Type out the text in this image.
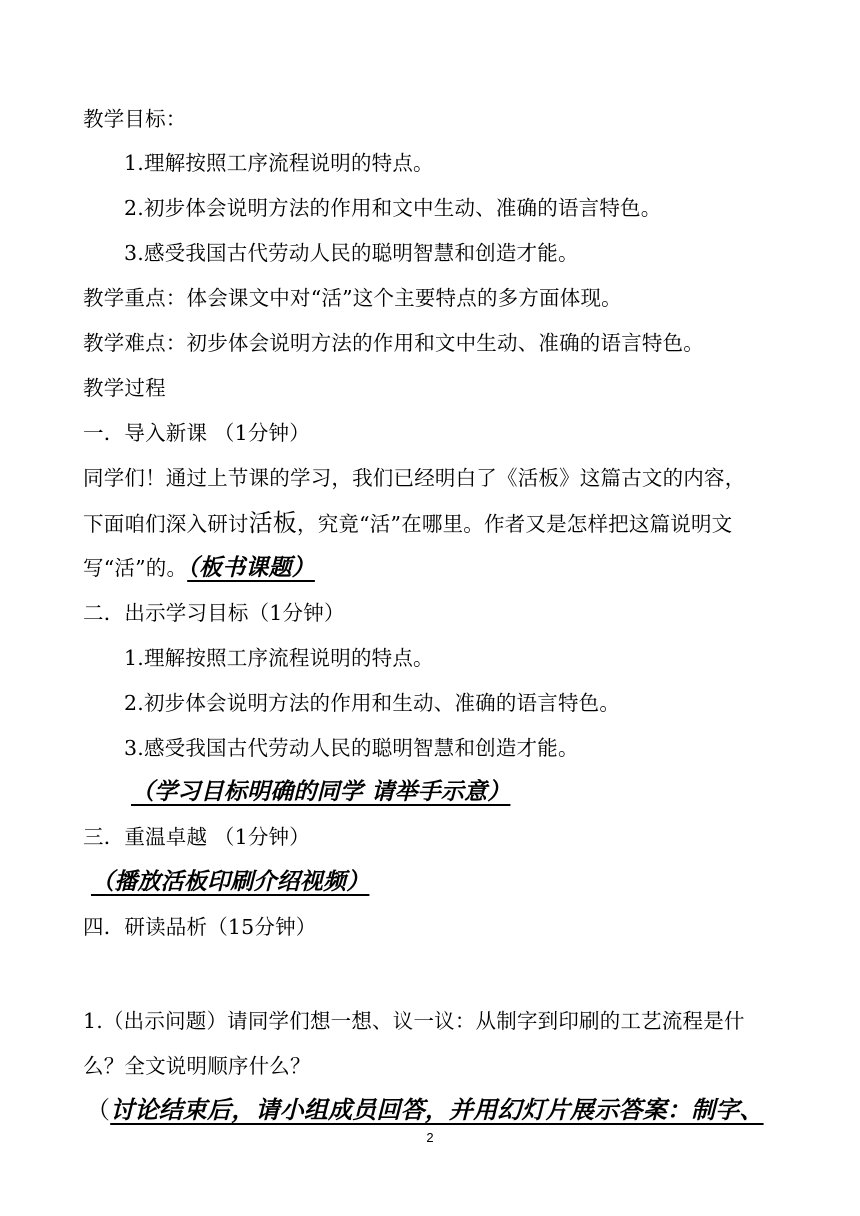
教学目标：
1.理解按照工序流程说明的特点。
2.初步体会说明方法的作用和文中生动、准确的语言特色。
3.感受我国古代劳动人民的聪明智慧和创造才能。
教学重点：体会课文中对“活”这个主要特点的多方面体现。
教学难点：初步体会说明方法的作用和文中生动、准确的语言特色。
教学过程
一．导入新课 （1分钟）
同学们！通过上节课的学习，我们已经明白了《活板》这篇古文的内容，
下面咱们深入研讨活板，究竟“活”在哪里。作者又是怎样把这篇说明文
写“活”的。（板书课题）
二．出示学习目标（1分钟）
1.理解按照工序流程说明的特点。
2.初步体会说明方法的作用和生动、准确的语言特色。
3.感受我国古代劳动人民的聪明智慧和创造才能。
（学习目标明确的同学 请举手示意）
三．重温卓越 （1分钟）
（播放活板印刷介绍视频）
四．研读品析（15分钟）
1.（出示问题）请同学们想一想、议一议：从制字到印刷的工艺流程是什
么？全文说明顺序什么？
（讨论结束后，请小组成员回答，并用幻灯片展示答案：制字、
2
